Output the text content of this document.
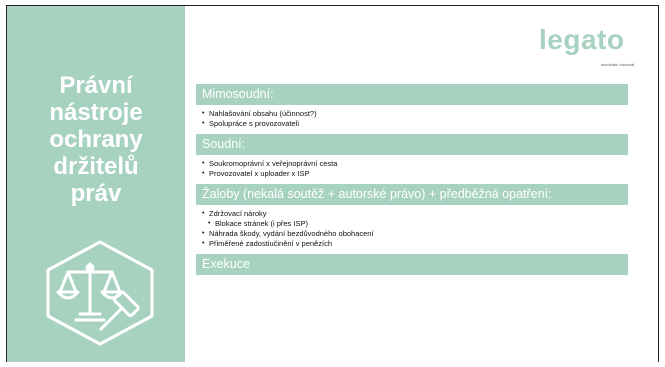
Právní
nástroje
ochrany
držitelů
práv
legato
advokátní kancelář
Mimosoudní:
• Nahlašování obsahu (účinnost?)
• Spolupráce s provozovateli
Soudní:
• Soukromoprávní x veřejnoprávní cesta
• Provozovatel x uploader x ISP
Žaloby (nekalá soutěž + autorské právo) + předběžná opatření:
• Zdržovací nároky
• Blokace stránek (i přes ISP)
• Náhrada škody, vydání bezdůvodného obohacení
• Přiměřené zadostiučinění v penězích
Exekuce
